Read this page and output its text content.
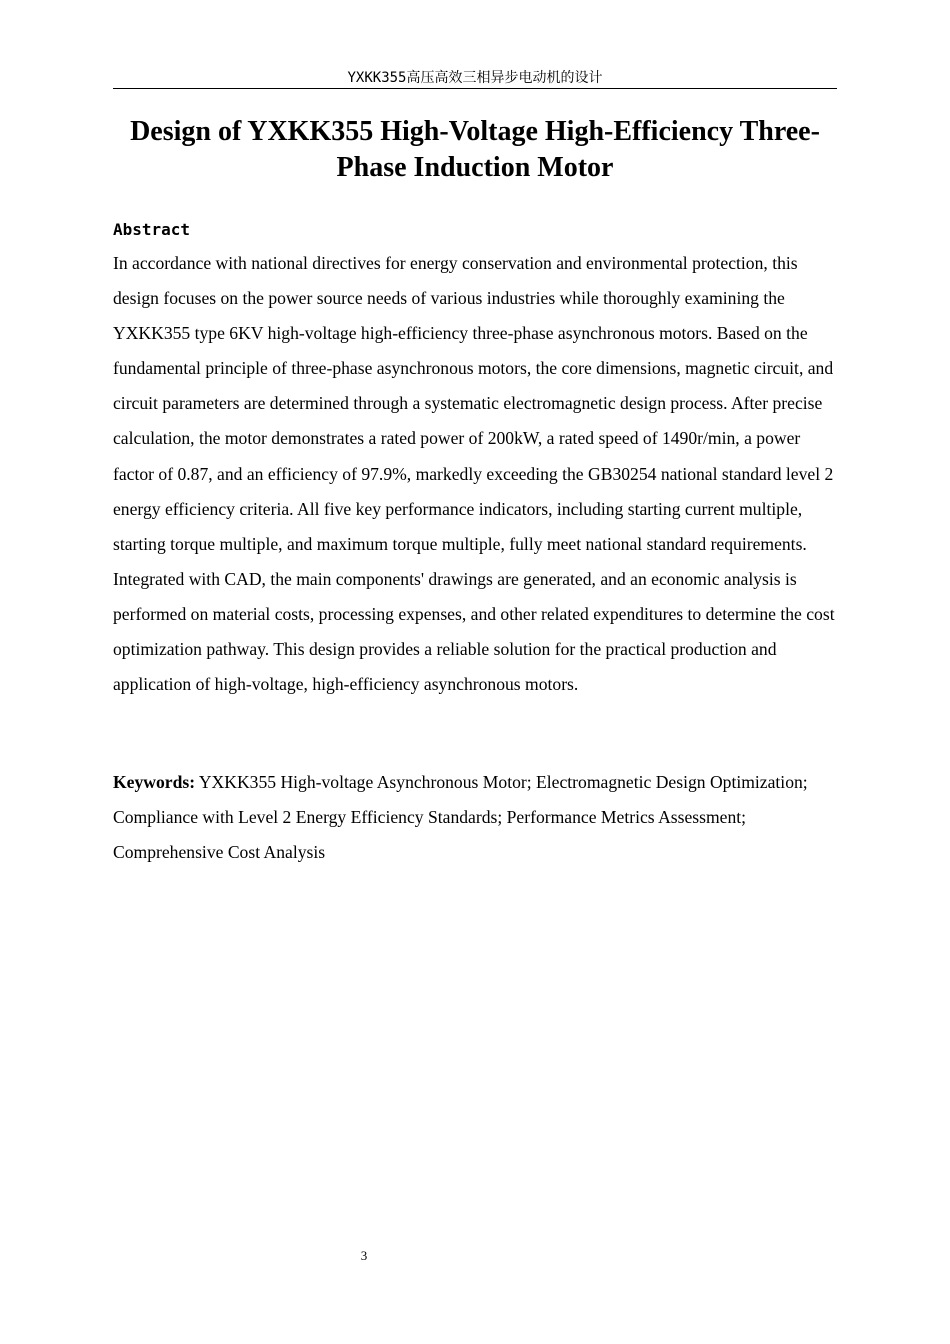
YXKK355高压高效三相异步电动机的设计
Design of YXKK355 High-Voltage High-Efficiency Three-Phase Induction Motor
Abstract

In accordance with national directives for energy conservation and environmental protection, this design focuses on the power source needs of various industries while thoroughly examining the YXKK355 type 6KV high-voltage high-efficiency three-phase asynchronous motors. Based on the fundamental principle of three-phase asynchronous motors, the core dimensions, magnetic circuit, and circuit parameters are determined through a systematic electromagnetic design process. After precise calculation, the motor demonstrates a rated power of 200kW, a rated speed of 1490r/min, a power factor of 0.87, and an efficiency of 97.9%, markedly exceeding the GB30254 national standard level 2 energy efficiency criteria. All five key performance indicators, including starting current multiple, starting torque multiple, and maximum torque multiple, fully meet national standard requirements. Integrated with CAD, the main components' drawings are generated, and an economic analysis is performed on material costs, processing expenses, and other related expenditures to determine the cost optimization pathway. This design provides a reliable solution for the practical production and application of high-voltage, high-efficiency asynchronous motors.

Keywords: YXKK355 High-voltage Asynchronous Motor; Electromagnetic Design Optimization; Compliance with Level 2 Energy Efficiency Standards; Performance Metrics Assessment; Comprehensive Cost Analysis

3
